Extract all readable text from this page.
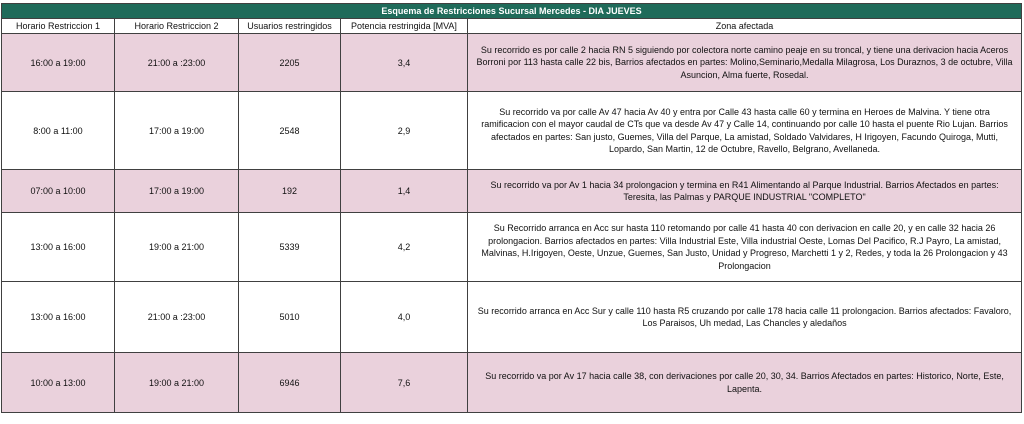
Esquema de Restricciones Sucursal Mercedes - DIA JUEVES				
Horario Restriccion 1	Horario Restriccion 2	Usuarios restringidos	Potencia restringida [MVA]	Zona afectada
16:00 a 19:00	21:00 a :23:00	2205	3,4	Su recorrido es por calle 2 hacia RN 5 siguiendo por colectora norte camino peaje en su troncal, y tiene una derivacion hacia Aceros Borroni por 113 hasta calle 22 bis, Barrios afectados en partes: Molino,Seminario,Medalla Milagrosa, Los Duraznos, 3 de octubre, Villa Asuncion, Alma fuerte, Rosedal.
8:00 a 11:00	17:00 a 19:00	2548	2,9	Su recorrido va por calle Av 47 hacia Av 40 y entra por Calle 43 hasta calle 60 y termina en Heroes de Malvina. Y tiene otra ramificacion con el mayor caudal de CTs que va desde Av 47 y Calle 14, continuando por calle 10 hasta el puente Rio Lujan. Barrios afectados en partes: San justo, Guemes, Villa del Parque, La amistad, Soldado Valvidares, H Irigoyen, Facundo Quiroga, Mutti, Lopardo, San Martin, 12 de Octubre, Ravello, Belgrano, Avellaneda.
07:00 a 10:00	17:00 a 19:00	192	1,4	Su recorrido va por Av 1 hacia 34 prolongacion y termina en R41 Alimentando al Parque Industrial. Barrios Afectados en partes: Teresita, las Palmas y PARQUE INDUSTRIAL "COMPLETO"
13:00 a 16:00	19:00 a 21:00	5339	4,2	Su Recorrido arranca en Acc sur hasta 110 retomando por calle 41 hasta 40 con derivacion en calle 20, y en calle 32 hacia 26 prolongacion. Barrios afectados en partes: Villa Industrial Este, Villa industrial Oeste, Lomas Del Pacifico, R.J Payro, La amistad, Malvinas, H.Irigoyen, Oeste, Unzue, Guemes, San Justo, Unidad y Progreso, Marchetti 1 y 2, Redes, y toda la 26 Prolongacion y 43 Prolongacion
13:00 a 16:00	21:00 a :23:00	5010	4,0	Su recorrido arranca en Acc Sur y calle 110 hasta R5 cruzando por calle 178 hacia calle 11 prolongacion. Barrios afectados: Favaloro, Los Paraisos, Uh medad, Las Chancles y aledaños
10:00 a 13:00	19:00 a 21:00	6946	7,6	Su recorrido va por Av 17 hacia calle 38, con derivaciones por calle 20, 30, 34. Barrios Afectados en partes: Historico, Norte, Este, Lapenta.
